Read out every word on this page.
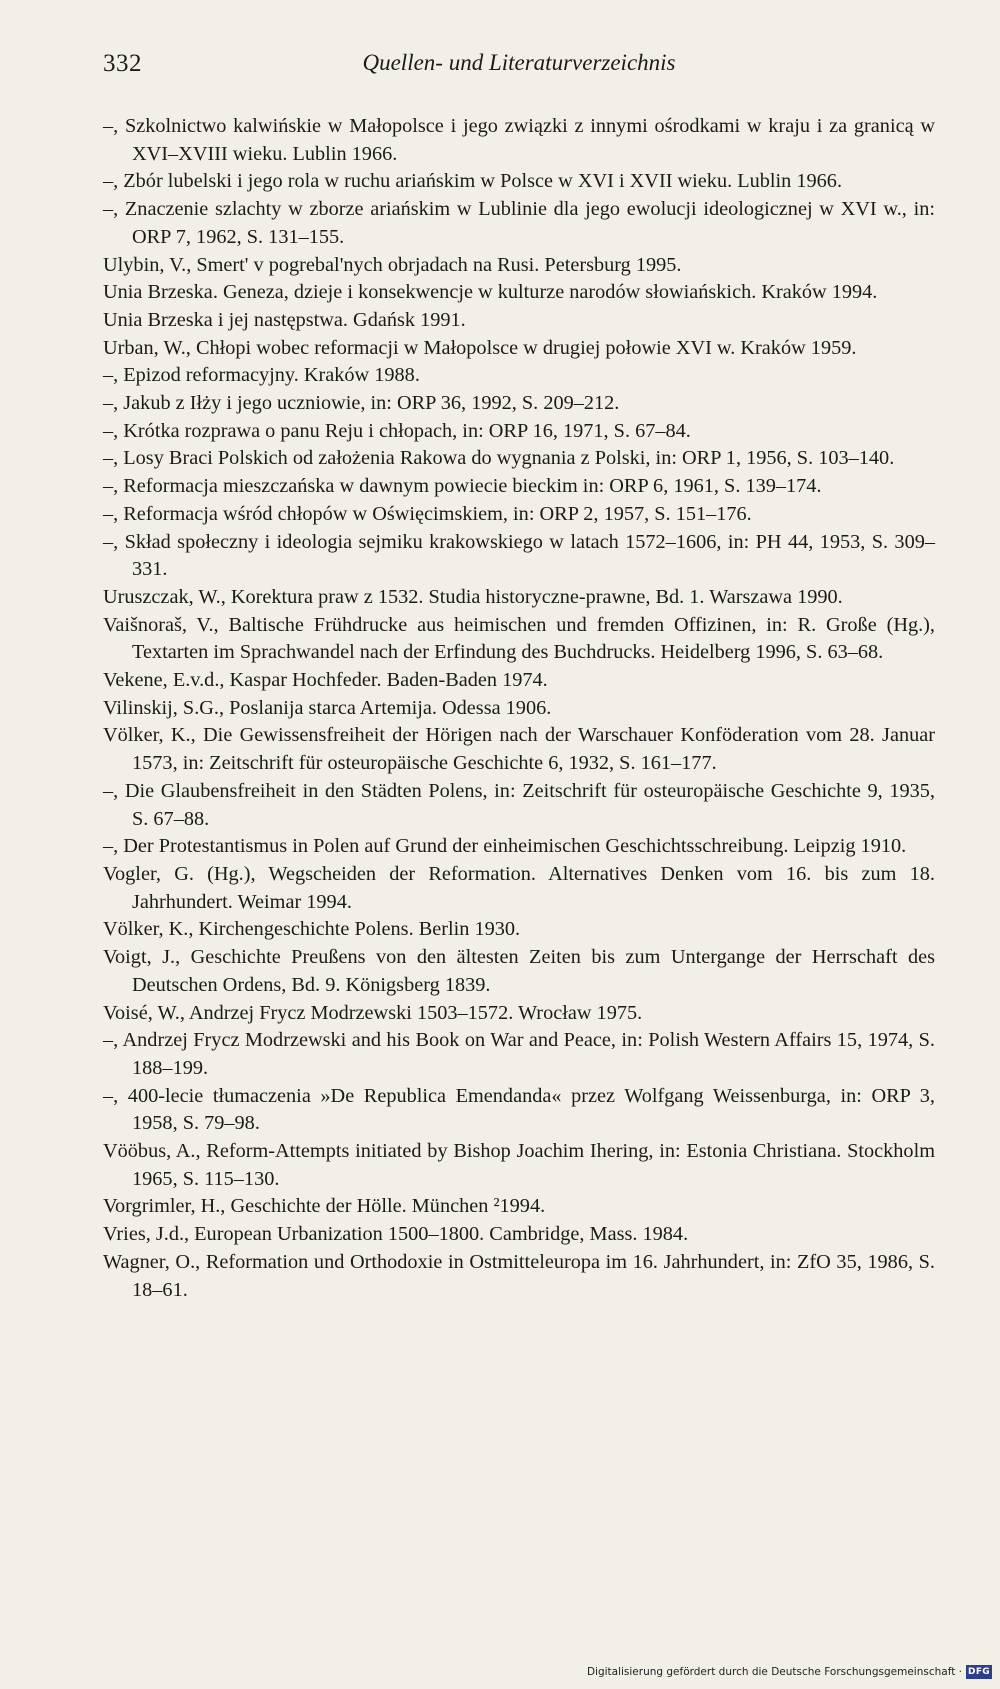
332	Quellen- und Literaturverzeichnis
–, Szkolnictwo kalwińskie w Małopolsce i jego związki z innymi ośrodkami w kraju i za granicą w XVI–XVIII wieku. Lublin 1966.
–, Zbór lubelski i jego rola w ruchu ariańskim w Polsce w XVI i XVII wieku. Lublin 1966.
–, Znaczenie szlachty w zborze ariańskim w Lublinie dla jego ewolucji ideologicznej w XVI w., in: ORP 7, 1962, S. 131–155.
Ulybin, V., Smert' v pogrebal'nych obrjadach na Rusi. Petersburg 1995.
Unia Brzeska. Geneza, dzieje i konsekwencje w kulturze narodów słowiańskich. Kraków 1994.
Unia Brzeska i jej następstwa. Gdańsk 1991.
Urban, W., Chłopi wobec reformacji w Małopolsce w drugiej połowie XVI w. Kraków 1959.
–, Epizod reformacyjny. Kraków 1988.
–, Jakub z Iłży i jego uczniowie, in: ORP 36, 1992, S. 209–212.
–, Krótka rozprawa o panu Reju i chłopach, in: ORP 16, 1971, S. 67–84.
–, Losy Braci Polskich od założenia Rakowa do wygnania z Polski, in: ORP 1, 1956, S. 103–140.
–, Reformacja mieszczańska w dawnym powiecie bieckim in: ORP 6, 1961, S. 139–174.
–, Reformacja wśród chłopów w Oświęcimskiem, in: ORP 2, 1957, S. 151–176.
–, Skład społeczny i ideologia sejmiku krakowskiego w latach 1572–1606, in: PH 44, 1953, S. 309–331.
Uruszczak, W., Korektura praw z 1532. Studia historyczne-prawne, Bd. 1. Warszawa 1990.
Vaišnoraš, V., Baltische Frühdrucke aus heimischen und fremden Offizinen, in: R. Große (Hg.), Textarten im Sprachwandel nach der Erfindung des Buchdrucks. Heidelberg 1996, S. 63–68.
Vekene, E.v.d., Kaspar Hochfeder. Baden-Baden 1974.
Vilinskij, S.G., Poslanija starca Artemija. Odessa 1906.
Völker, K., Die Gewissensfreiheit der Hörigen nach der Warschauer Konföderation vom 28. Januar 1573, in: Zeitschrift für osteuropäische Geschichte 6, 1932, S. 161–177.
–, Die Glaubensfreiheit in den Städten Polens, in: Zeitschrift für osteuropäische Geschichte 9, 1935, S. 67–88.
–, Der Protestantismus in Polen auf Grund der einheimischen Geschichtsschreibung. Leipzig 1910.
Vogler, G. (Hg.), Wegscheiden der Reformation. Alternatives Denken vom 16. bis zum 18. Jahrhundert. Weimar 1994.
Völker, K., Kirchengeschichte Polens. Berlin 1930.
Voigt, J., Geschichte Preußens von den ältesten Zeiten bis zum Untergange der Herrschaft des Deutschen Ordens, Bd. 9. Königsberg 1839.
Voisé, W., Andrzej Frycz Modrzewski 1503–1572. Wrocław 1975.
–, Andrzej Frycz Modrzewski and his Book on War and Peace, in: Polish Western Affairs 15, 1974, S. 188–199.
–, 400-lecie tłumaczenia »De Republica Emendanda« przez Wolfgang Weissenburga, in: ORP 3, 1958, S. 79–98.
Vööbus, A., Reform-Attempts initiated by Bishop Joachim Ihering, in: Estonia Christiana. Stockholm 1965, S. 115–130.
Vorgrimler, H., Geschichte der Hölle. München ²1994.
Vries, J.d., European Urbanization 1500–1800. Cambridge, Mass. 1984.
Wagner, O., Reformation und Orthodoxie in Ostmitteleuropa im 16. Jahrhundert, in: ZfO 35, 1986, S. 18–61.
Digitalisierung gefördert durch die Deutsche Forschungsgemeinschaft · DFG
